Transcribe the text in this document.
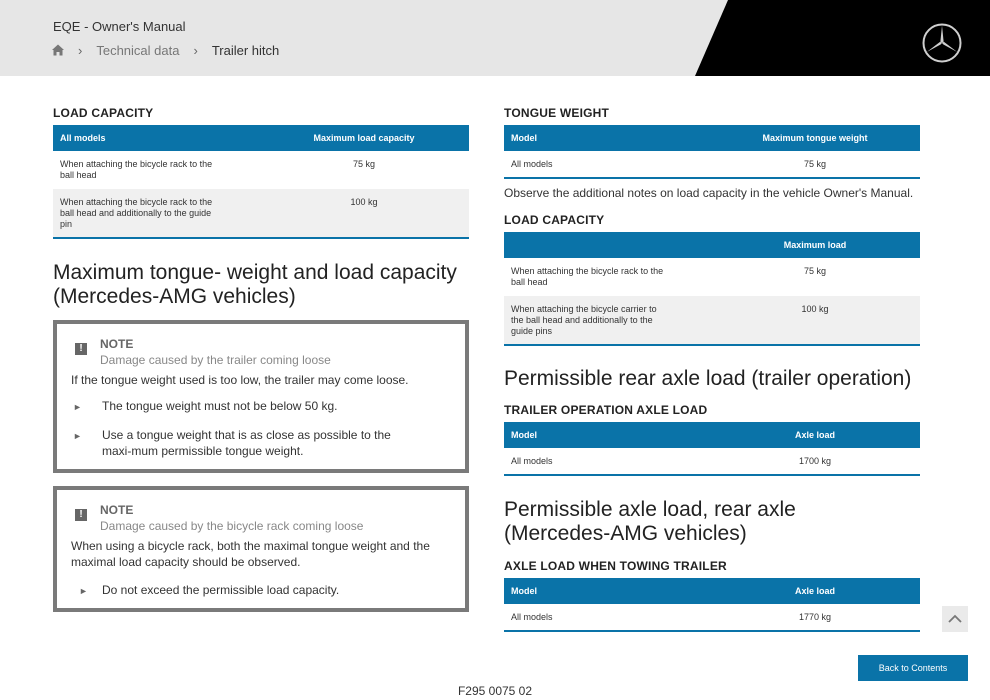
EQE - Owner's Manual
› Technical data › Trailer hitch
LOAD CAPACITY
All models	Maximum load capacity
When attaching the bicycle rack to the ball head	75 kg
When attaching the bicycle rack to the ball head and additionally to the guide pin	100 kg
Maximum tongue- weight and load capacity (Mercedes-AMG vehicles)
!	NOTE
Damage caused by the trailer coming loose
If the tongue weight used is too low, the trailer may come loose.
►	The tongue weight must not be below 50 kg.
►	Use a tongue weight that is as close as possible to the maxi-mum permissible tongue weight.
!	NOTE
Damage caused by the bicycle rack coming loose
When using a bicycle rack, both the maximal tongue weight and the maximal load capacity should be observed.
►	Do not exceed the permissible load capacity.
TONGUE WEIGHT
Model	Maximum tongue weight
All models	75 kg

Observe the additional notes on load capacity in the vehicle Owner's Manual.

LOAD CAPACITY
	Maximum load
When attaching the bicycle rack to the ball head	75 kg
When attaching the bicycle carrier to the ball head and additionally to the guide pins	100 kg
Permissible rear axle load (trailer operation)
TRAILER OPERATION AXLE LOAD
Model	Axle load
All models	1700 kg
Permissible axle load, rear axle (Mercedes-AMG vehicles)
AXLE LOAD WHEN TOWING TRAILER
Model	Axle load
All models	1770 kg
Back to Contents
F295 0075 02
